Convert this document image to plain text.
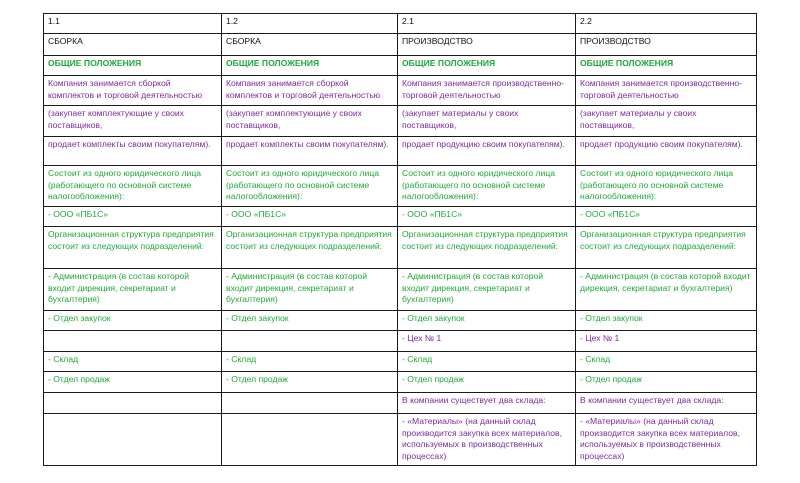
1.1	1.2	2.1	2.2

СБОРКА	СБОРКА	ПРОИЗВОДСТВО	ПРОИЗВОДСТВО

ОБЩИЕ ПОЛОЖЕНИЯ	ОБЩИЕ ПОЛОЖЕНИЯ	ОБЩИЕ ПОЛОЖЕНИЯ	ОБЩИЕ ПОЛОЖЕНИЯ

Компания занимается сборкой комплектов и торговой деятельностью	Компания занимается сборкой комплектов и торговой деятельностью	Компания занимается производственно-торговой деятельностью	Компания занимается производственно-торговой деятельностью

(закупает комплектующие у своих поставщиков,	(закупает комплектующие у своих поставщиков,	(закупает материалы у своих поставщиков,	(закупает материалы у своих поставщиков,

продает комплекты своим покупателям).	продает комплекты своим покупателям).	продает продукцию своим покупателям).	продает продукцию своим покупателям).

Состоит из одного юридического лица (работающего по основной системе налогообложения):	Состоит из одного юридического лица (работающего по основной системе налогообложения):	Состоит из одного юридического лица (работающего по основной системе налогообложения):	Состоит из одного юридического лица (работающего по основной системе налогообложения):

- ООО «ПБ1С»	- ООО «ПБ1С»	- ООО «ПБ1С»	- ООО «ПБ1С»

Организационная структура предприятия состоит из следующих подразделений:	Организационная структура предприятия состоит из следующих подразделений:	Организационная структура предприятия состоит из следующих подразделений:	Организационная структура предприятия состоит из следующих подразделений:

- Администрация (в состав которой входит дирекция, секретариат и бухгалтерия)	- Администрация (в состав которой входит дирекция, секретариат и бухгалтерия)	- Администрация (в состав которой входит дирекция, секретариат и бухгалтерия)	- Администрация (в состав которой входит дирекция, секретариат и бухгалтерия)

- Отдел закупок	- Отдел закупок	- Отдел закупок	- Отдел закупок

		- Цех № 1	- Цех № 1

- Склад	- Склад	- Склад	- Склад

- Отдел продаж	- Отдел продаж	- Отдел продаж	- Отдел продаж

		В компании существует два склада:	В компании существует два склада:

		- «Материалы» (на данный склад производится закупка всех материалов, используемых в производственных процессах)	- «Материалы» (на данный склад производится закупка всех материалов, используемых в производственных процессах)
